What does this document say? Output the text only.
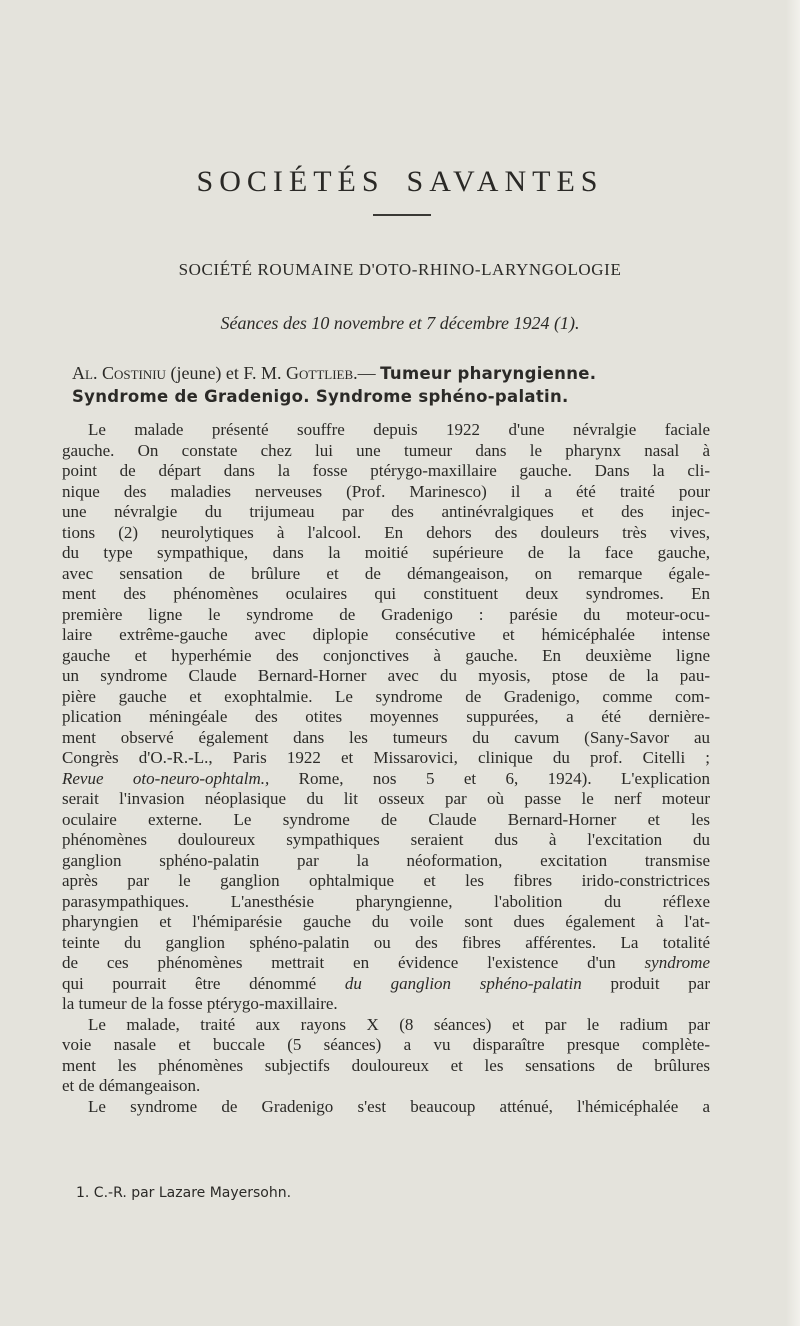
SOCIÉTÉS SAVANTES
SOCIÉTÉ ROUMAINE D'OTO-RHINO-LARYNGOLOGIE
Séances des 10 novembre et 7 décembre 1924 (1).
Al. Costiniu (jeune) et F. M. Gottlieb.— Tumeur pharyngienne.
Syndrome de Gradenigo. Syndrome sphéno-palatin.
Le malade présenté souffre depuis 1922 d'une névralgie faciale
gauche. On constate chez lui une tumeur dans le pharynx nasal à
point de départ dans la fosse ptérygo-maxillaire gauche. Dans la cli-
nique des maladies nerveuses (Prof. Marinesco) il a été traité pour
une névralgie du trijumeau par des antinévralgiques et des injec-
tions (2) neurolytiques à l'alcool. En dehors des douleurs très vives,
du type sympathique, dans la moitié supérieure de la face gauche,
avec sensation de brûlure et de démangeaison, on remarque égale-
ment des phénomènes oculaires qui constituent deux syndromes. En
première ligne le syndrome de Gradenigo : parésie du moteur-ocu-
laire extrême-gauche avec diplopie consécutive et hémicéphalée intense
gauche et hyperhémie des conjonctives à gauche. En deuxième ligne
un syndrome Claude Bernard-Horner avec du myosis, ptose de la pau-
pière gauche et exophtalmie. Le syndrome de Gradenigo, comme com-
plication méningéale des otites moyennes suppurées, a été dernière-
ment observé également dans les tumeurs du cavum (Sany-Savor au
Congrès d'O.-R.-L., Paris 1922 et Missarovici, clinique du prof. Citelli ;
Revue oto-neuro-ophtalm., Rome, nos 5 et 6, 1924). L'explication
serait l'invasion néoplasique du lit osseux par où passe le nerf moteur
oculaire externe. Le syndrome de Claude Bernard-Horner et les
phénomènes douloureux sympathiques seraient dus à l'excitation du
ganglion sphéno-palatin par la néoformation, excitation transmise
après par le ganglion ophtalmique et les fibres irido-constrictrices
parasympathiques. L'anesthésie pharyngienne, l'abolition du réflexe
pharyngien et l'hémiparésie gauche du voile sont dues également à l'at-
teinte du ganglion sphéno-palatin ou des fibres afférentes. La totalité
de ces phénomènes mettrait en évidence l'existence d'un syndrome
qui pourrait être dénommé du ganglion sphéno-palatin produit par
la tumeur de la fosse ptérygo-maxillaire.
Le malade, traité aux rayons X (8 séances) et par le radium par
voie nasale et buccale (5 séances) a vu disparaître presque complète-
ment les phénomènes subjectifs douloureux et les sensations de brûlures
et de démangeaison.
Le syndrome de Gradenigo s'est beaucoup atténué, l'hémicéphalée a
1. C.-R. par Lazare Mayersohn.
